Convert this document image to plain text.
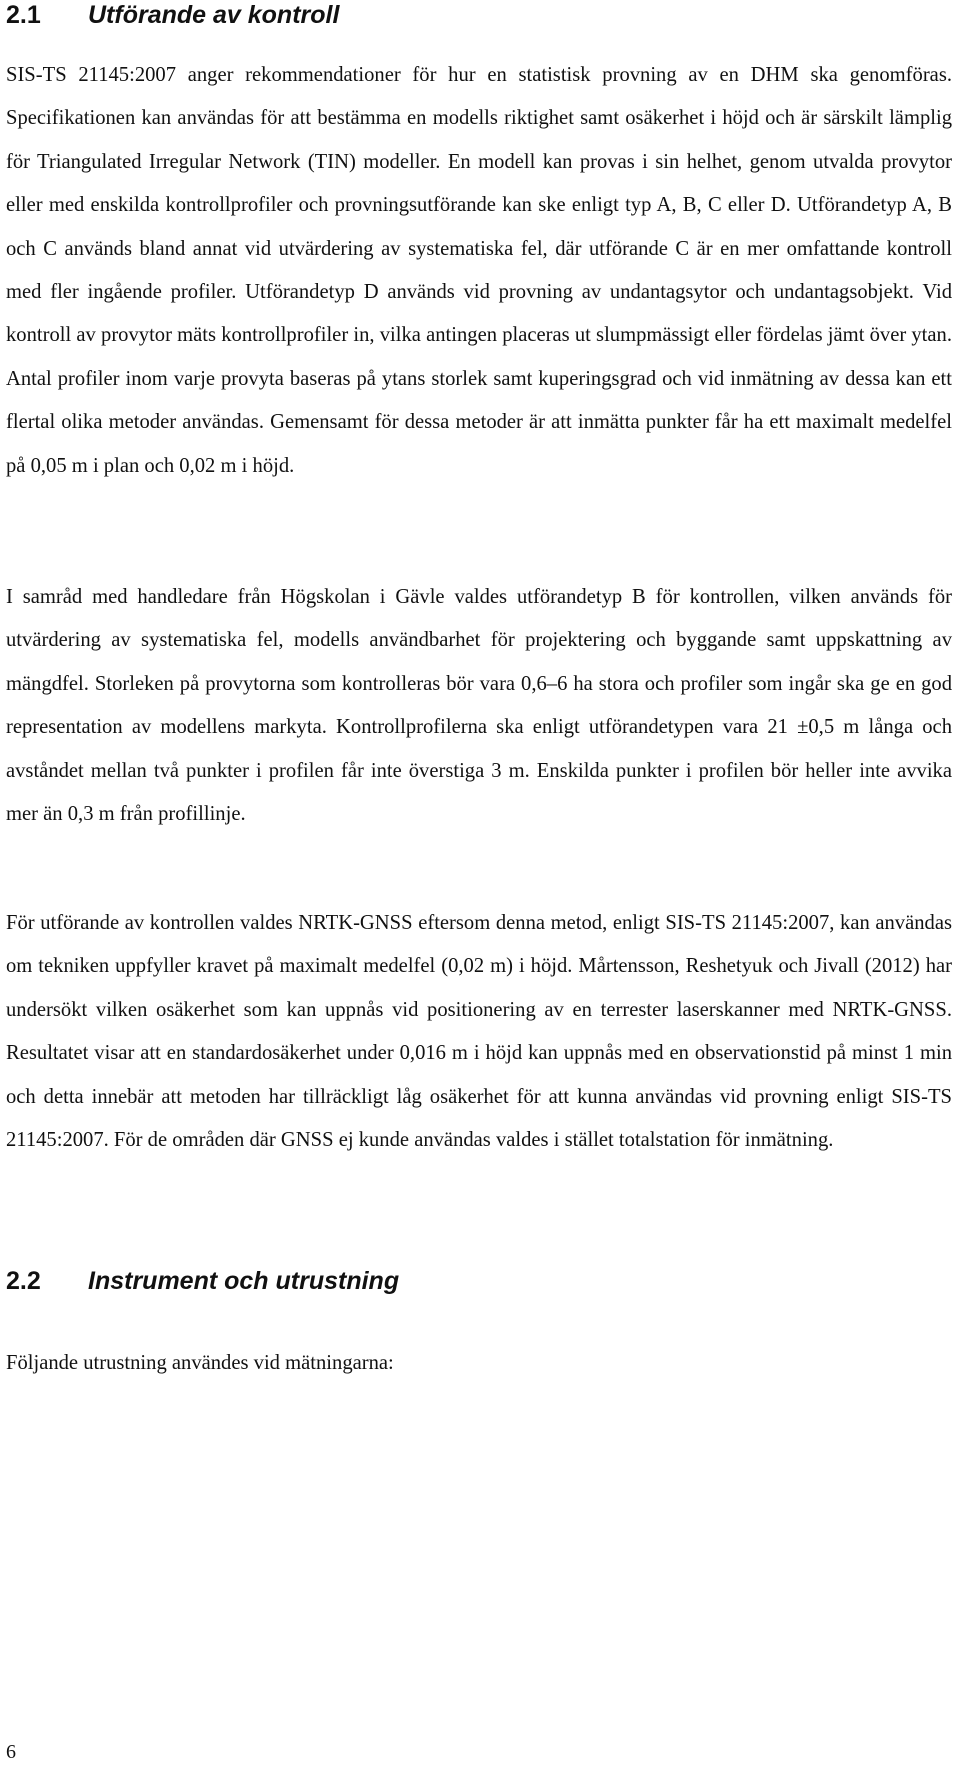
2.1 Utförande av kontroll

SIS-TS 21145:2007 anger rekommendationer för hur en statistisk provning av en DHM ska genomföras. Specifikationen kan användas för att bestämma en modells riktighet samt osäkerhet i höjd och är särskilt lämplig för Triangulated Irregular Network (TIN) modeller. En modell kan provas i sin helhet, genom utvalda provytor eller med enskilda kontrollprofiler och provningsutförande kan ske enligt typ A, B, C eller D. Utförandetyp A, B och C används bland annat vid utvärdering av systematiska fel, där utförande C är en mer omfattande kontroll med fler ingående profiler. Utförandetyp D används vid provning av undantagsytor och undantagsobjekt. Vid kontroll av provytor mäts kontrollprofiler in, vilka antingen placeras ut slumpmässigt eller fördelas jämt över ytan. Antal profiler inom varje provyta baseras på ytans storlek samt kuperingsgrad och vid inmätning av dessa kan ett flertal olika metoder användas. Gemensamt för dessa metoder är att inmätta punkter får ha ett maximalt medelfel på 0,05 m i plan och 0,02 m i höjd.

I samråd med handledare från Högskolan i Gävle valdes utförandetyp B för kontrollen, vilken används för utvärdering av systematiska fel, modells användbarhet för projektering och byggande samt uppskattning av mängdfel. Storleken på provytorna som kontrolleras bör vara 0,6–6 ha stora och profiler som ingår ska ge en god representation av modellens markyta. Kontrollprofilerna ska enligt utförandetypen vara 21 ±0,5 m långa och avståndet mellan två punkter i profilen får inte överstiga 3 m. Enskilda punkter i profilen bör heller inte avvika mer än 0,3 m från profillinje.

För utförande av kontrollen valdes NRTK-GNSS eftersom denna metod, enligt SIS-TS 21145:2007, kan användas om tekniken uppfyller kravet på maximalt medelfel (0,02 m) i höjd. Mårtensson, Reshetyuk och Jivall (2012) har undersökt vilken osäkerhet som kan uppnås vid positionering av en terrester laserskanner med NRTK-GNSS. Resultatet visar att en standardosäkerhet under 0,016 m i höjd kan uppnås med en observationstid på minst 1 min och detta innebär att metoden har tillräckligt låg osäkerhet för att kunna användas vid provning enligt SIS-TS 21145:2007. För de områden där GNSS ej kunde användas valdes i stället totalstation för inmätning.

2.2 Instrument och utrustning

Följande utrustning användes vid mätningarna:

6
